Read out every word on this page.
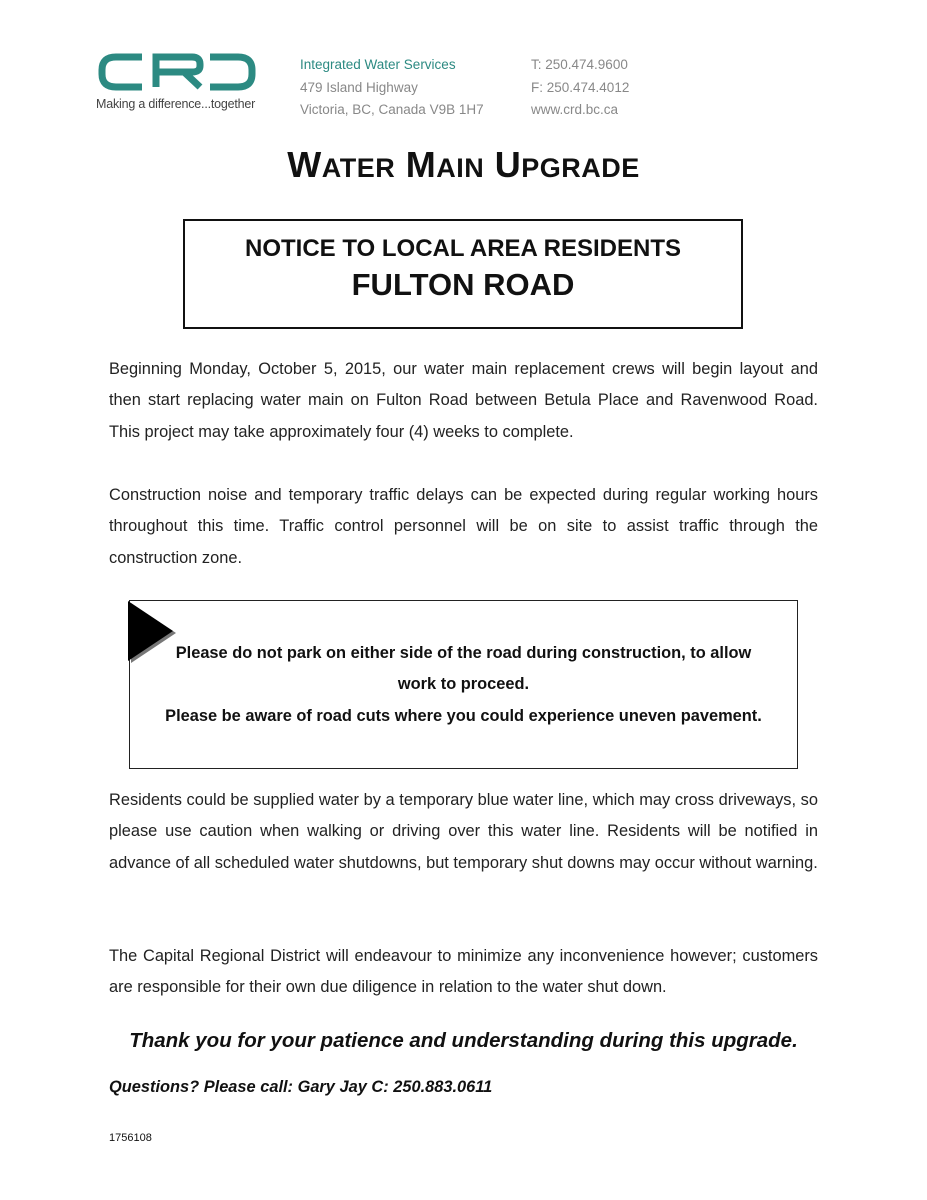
Making a difference...together
Integrated Water Services
479 Island Highway
Victoria, BC, Canada V9B 1H7
T: 250.474.9600
F: 250.474.4012
www.crd.bc.ca
WATER MAIN UPGRADE
NOTICE TO LOCAL AREA RESIDENTS
FULTON ROAD
Beginning Monday, October 5, 2015, our water main replacement crews will begin layout and then start replacing water main on Fulton Road between Betula Place and Ravenwood Road. This project may take approximately four (4) weeks to complete.
Construction noise and temporary traffic delays can be expected during regular working hours throughout this time. Traffic control personnel will be on site to assist traffic through the construction zone.
Please do not park on either side of the road during construction, to allow work to proceed.
Please be aware of road cuts where you could experience uneven pavement.
Residents could be supplied water by a temporary blue water line, which may cross driveways, so please use caution when walking or driving over this water line. Residents will be notified in advance of all scheduled water shutdowns, but temporary shut downs may occur without warning.
The Capital Regional District will endeavour to minimize any inconvenience however; customers are responsible for their own due diligence in relation to the water shut down.
Thank you for your patience and understanding during this upgrade.
Questions? Please call: Gary Jay C: 250.883.0611
1756108
